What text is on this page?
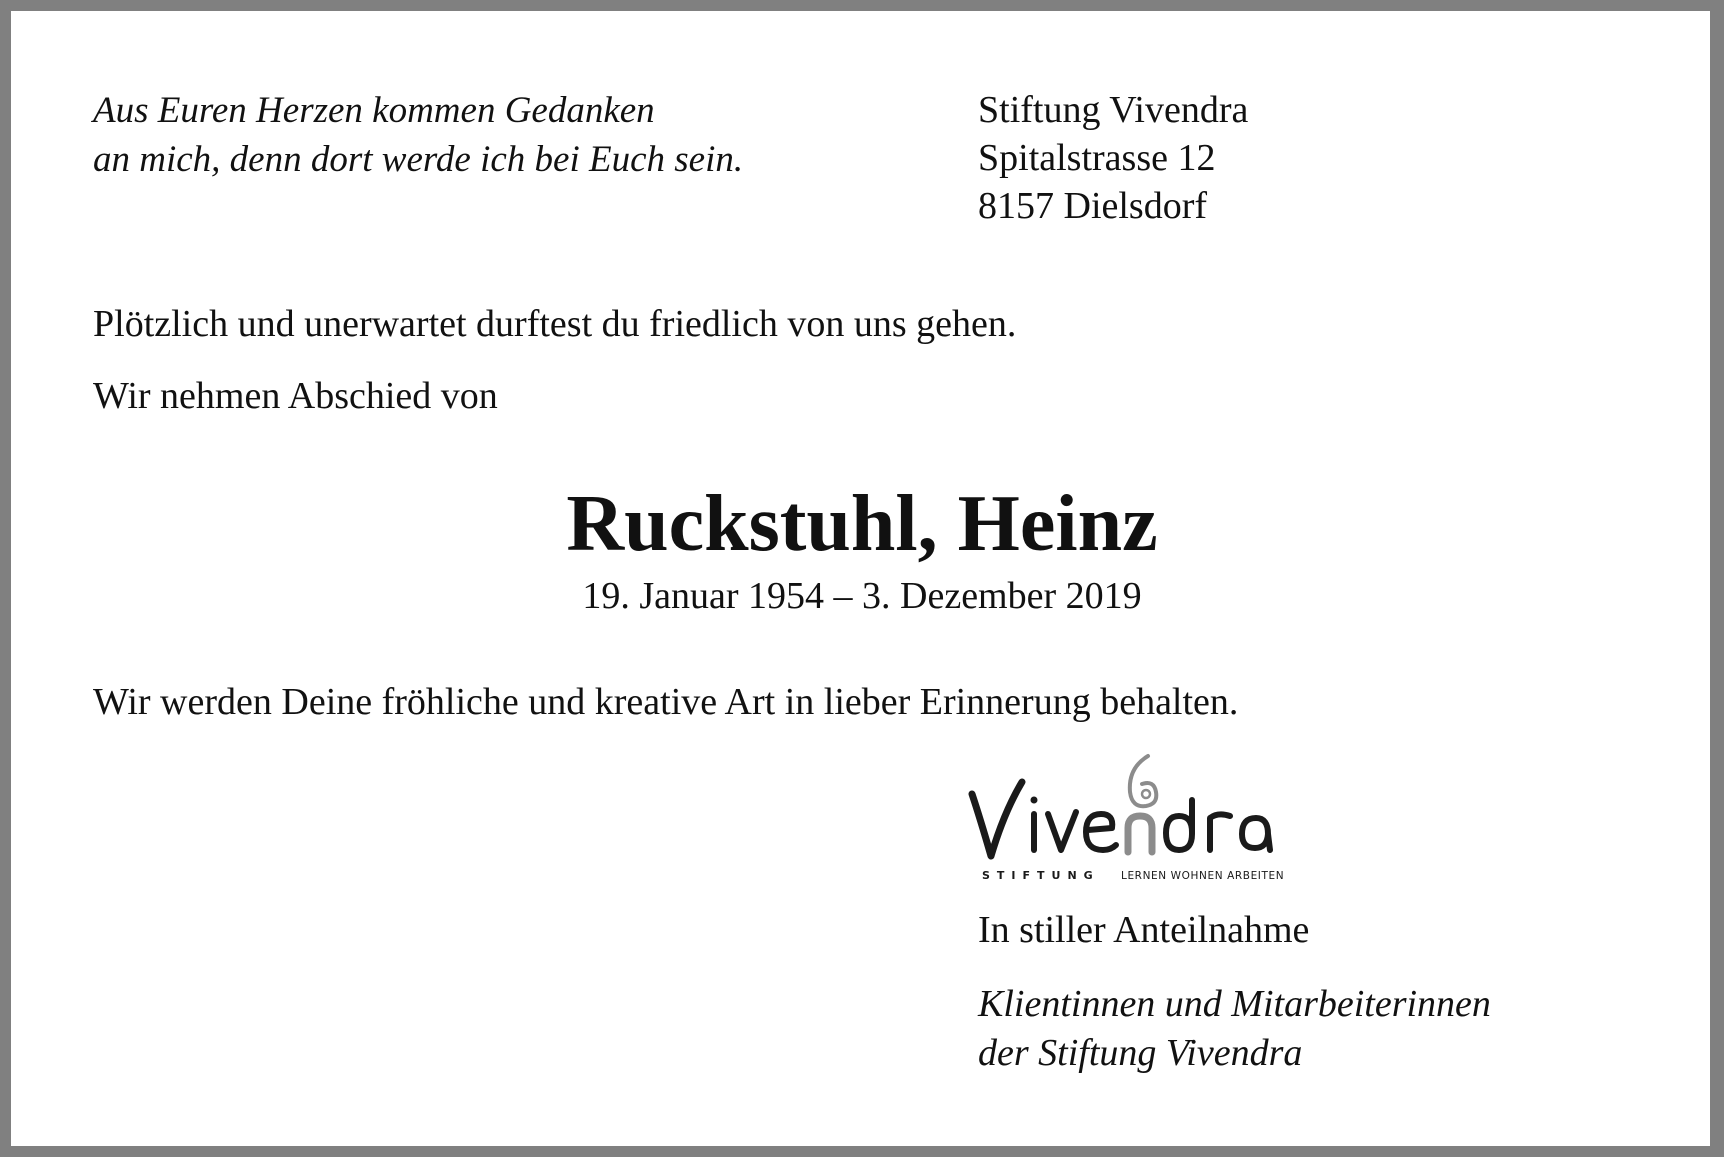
Aus Euren Herzen kommen Gedanken
an mich, denn dort werde ich bei Euch sein.
Stiftung Vivendra
Spitalstrasse 12
8157 Dielsdorf
Plötzlich und unerwartet durftest du friedlich von uns gehen.
Wir nehmen Abschied von
Ruckstuhl, Heinz
19. Januar 1954 – 3. Dezember 2019
Wir werden Deine fröhliche und kreative Art in lieber Erinnerung behalten.
STIFTUNG LERNEN WOHNEN ARBEITEN
In stiller Anteilnahme
Klientinnen und Mitarbeiterinnen
der Stiftung Vivendra
